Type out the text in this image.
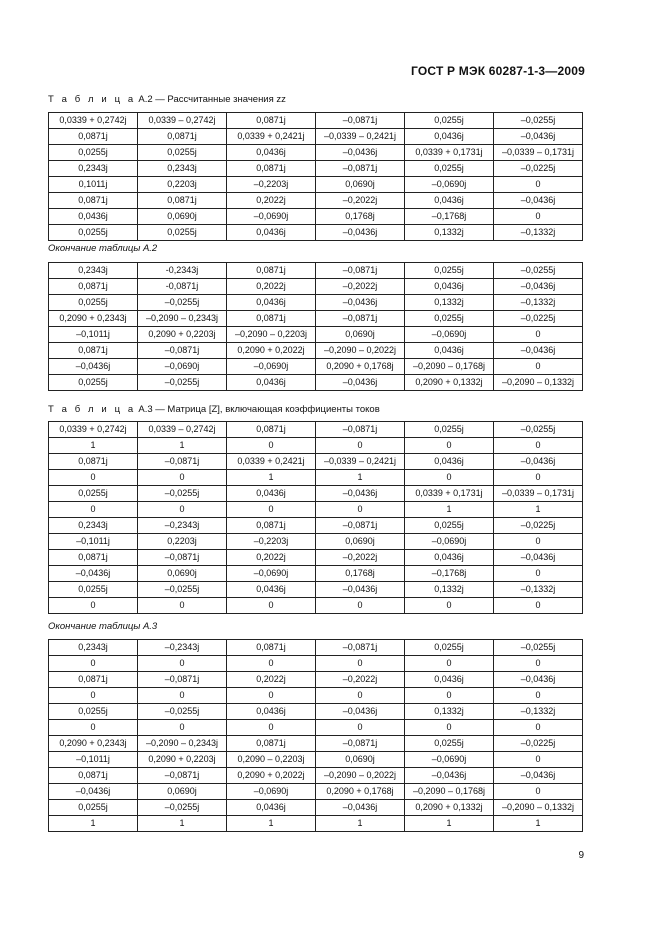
ГОСТ Р МЭК 60287-1-3—2009
Т а б л и ц а А.2 — Рассчитанные значения zz
0,0339 + 0,2742j	0,0339 – 0,2742j	0,0871j	–0,0871j	0,0255j	–0,0255j
0,0871j	0,0871j	0,0339 + 0,2421j	–0,0339 – 0,2421j	0,0436j	–0,0436j
0,0255j	0,0255j	0,0436j	–0,0436j	0,0339 + 0,1731j	–0,0339 – 0,1731j
0,2343j	0,2343j	0,0871j	–0,0871j	0,0255j	–0,0225j
0,1011j	0,2203j	–0,2203j	0,0690j	–0,0690j	0
0,0871j	0,0871j	0,2022j	–0,2022j	0,0436j	–0,0436j
0,0436j	0,0690j	–0,0690j	0,1768j	–0,1768j	0
0,0255j	0,0255j	0,0436j	–0,0436j	0,1332j	–0,1332j
Окончание таблицы А.2
0,2343j	-0,2343j	0,0871j	–0,0871j	0,0255j	–0,0255j
0,0871j	-0,0871j	0,2022j	–0,2022j	0,0436j	–0,0436j
0,0255j	–0,0255j	0,0436j	–0,0436j	0,1332j	–0,1332j
0,2090 + 0,2343j	–0,2090 – 0,2343j	0,0871j	–0,0871j	0,0255j	–0,0225j
–0,1011j	0,2090 + 0,2203j	–0,2090 – 0,2203j	0,0690j	–0,0690j	0
0,0871j	–0,0871j	0,2090 + 0,2022j	–0,2090 – 0,2022j	0,0436j	–0,0436j
–0,0436j	–0,0690j	–0,0690j	0,2090 + 0,1768j	–0,2090 – 0,1768j	0
0,0255j	–0,0255j	0,0436j	–0,0436j	0,2090 + 0,1332j	–0,2090 – 0,1332j
Т а б л и ц а А.3 — Матрица [Z], включающая коэффициенты токов
0,0339 + 0,2742j	0,0339 – 0,2742j	0,0871j	–0,0871j	0,0255j	–0,0255j
1	1	0	0	0	0
0,0871j	–0,0871j	0,0339 + 0,2421j	–0,0339 – 0,2421j	0,0436j	–0,0436j
0	0	1	1	0	0
0,0255j	–0,0255j	0,0436j	–0,0436j	0,0339 + 0,1731j	–0,0339 – 0,1731j
0	0	0	0	1	1
0,2343j	–0,2343j	0,0871j	–0,0871j	0,0255j	–0,0225j
–0,1011j	0,2203j	–0,2203j	0,0690j	–0,0690j	0
0,0871j	–0,0871j	0,2022j	–0,2022j	0,0436j	–0,0436j
–0,0436j	0,0690j	–0,0690j	0,1768j	–0,1768j	0
0,0255j	–0,0255j	0,0436j	–0,0436j	0,1332j	–0,1332j
0	0	0	0	0	0
Окончание таблицы А.3
0,2343j	–0,2343j	0,0871j	–0,0871j	0,0255j	–0,0255j
0	0	0	0	0	0
0,0871j	–0,0871j	0,2022j	–0,2022j	0,0436j	–0,0436j
0	0	0	0	0	0
0,0255j	–0,0255j	0,0436j	–0,0436j	0,1332j	–0,1332j
0	0	0	0	0	0
0,2090 + 0,2343j	–0,2090 – 0,2343j	0,0871j	–0,0871j	0,0255j	–0,0225j
–0,1011j	0,2090 + 0,2203j	0,2090 – 0,2203j	0,0690j	–0,0690j	0
0,0871j	–0,0871j	0,2090 + 0,2022j	–0,2090 – 0,2022j	–0,0436j	–0,0436j
–0,0436j	0,0690j	–0,0690j	0,2090 + 0,1768j	–0,2090 – 0,1768j	0
0,0255j	–0,0255j	0,0436j	–0,0436j	0,2090 + 0,1332j	–0,2090 – 0,1332j
1	1	1	1	1	1
9
